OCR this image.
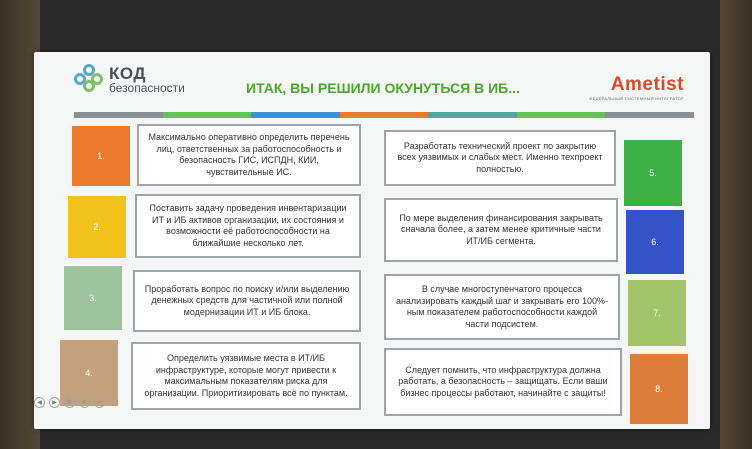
КОД
безопасности	ИТАК, ВЫ РЕШИЛИ ОКУНУТЬСЯ В ИБ...	Ametist
ФЕДЕРАЛЬНЫЙ СИСТЕМНЫЙ ИНТЕГРАТОР
1.
2.
3.
4.
Максимально оперативно определить перечень лиц, ответственных за работоспособность и безопасность ГИС, ИСПДН, КИИ, чувствительные ИС.
Поставить задачу проведения инвентаризации ИТ и ИБ активов организации, их состояния и возможности её работоспособности на ближайшие несколько лет.
Проработать вопрос по поиску и/или выделению денежных средств для частичной или полной модернизации ИТ и ИБ блока.
Определить уязвимые места в ИТ/ИБ инфраструктуре, которые могут привести к максимальным показателям риска для организации. Приоритизировать всё по пунктам.
Разработать технический проект по закрытию всех уязвимых и слабых мест. Именно техпроект полностью.
По мере выделения финансирования закрывать сначала более, а затем менее критичные части ИТ/ИБ сегмента.
В случае многоступенчатого процесса анализировать каждый шаг и закрывать его 100%-ным показателем работоспособности каждой части подсистем.
Следует помнить, что инфраструктура должна работать, а безопасность – защищать. Если ваши бизнес процессы работают, начинайте с защиты!
5.
6.
7.
8.
◀	▶	✎	⌕	⋯
